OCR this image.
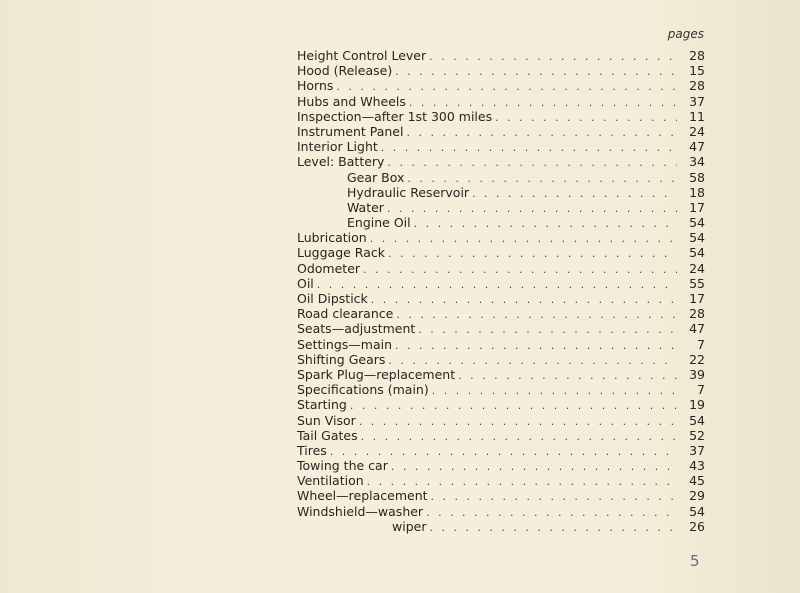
pages
Height Control Lever . . .	28
Hood (Release) . . .	15
Horns . . .	28
Hubs and Wheels . . .	37
Inspection—after 1st 300 miles . . .	11
Instrument Panel . . .	24
Interior Light . . .	47
Level: Battery . . .	34
Gear Box . . .	58
Hydraulic Reservoir . . .	18
Water . . .	17
Engine Oil . . .	54
Lubrication . . .	54
Luggage Rack . . .	54
Odometer . . .	24
Oil . . .	55
Oil Dipstick . . .	17
Road clearance . . .	28
Seats—adjustment . . .	47
Settings—main . . .	7
Shifting Gears . . .	22
Spark Plug—replacement . . .	39
Specifications (main) . . .	7
Starting . . .	19
Sun Visor . . .	54
Tail Gates . . .	52
Tires . . .	37
Towing the car . . .	43
Ventilation . . .	45
Wheel—replacement . . .	29
Windshield—washer . . .	54
wiper . . .	26
5
